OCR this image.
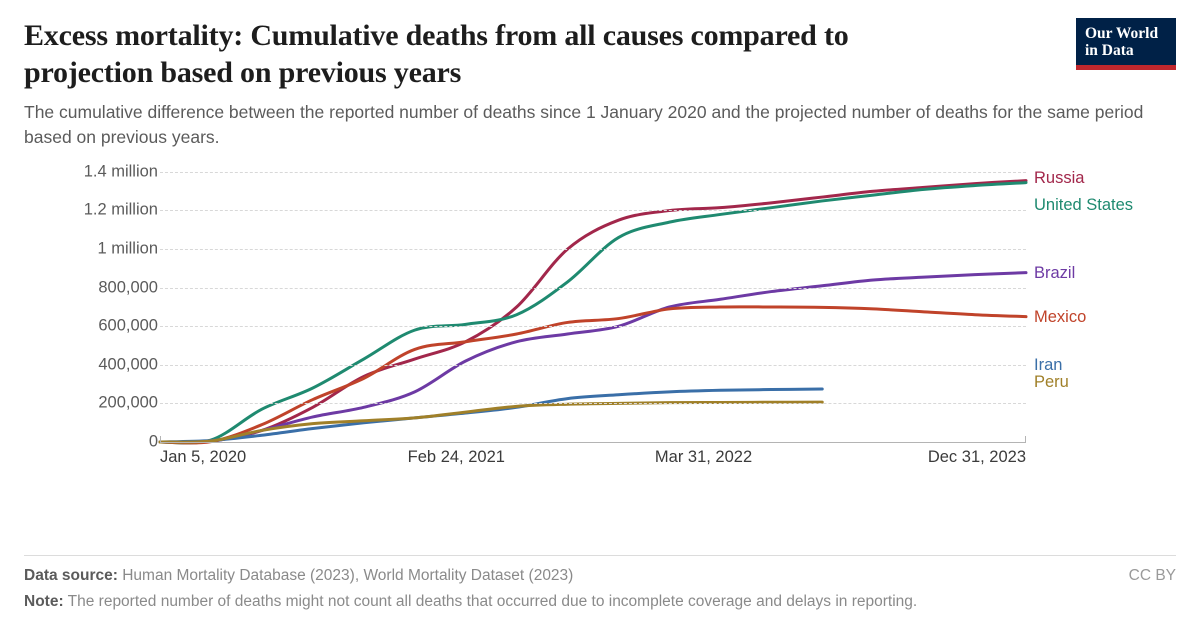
Excess mortality: Cumulative deaths from all causes compared to projection based on previous years

The cumulative difference between the reported number of deaths since 1 January 2020 and the projected number of deaths for the same period based on previous years.

Our World
in Data
0
200,000
400,000
600,000
800,000
1 million
1.2 million
1.4 million
Jan 5, 2020	Feb 24, 2021	Mar 31, 2022	Dec 31, 2023
Russia
United States
Brazil
Mexico
Iran
Peru
Data source: Human Mortality Database (2023), World Mortality Dataset (2023)	CC BY
Note: The reported number of deaths might not count all deaths that occurred due to incomplete coverage and delays in reporting.
